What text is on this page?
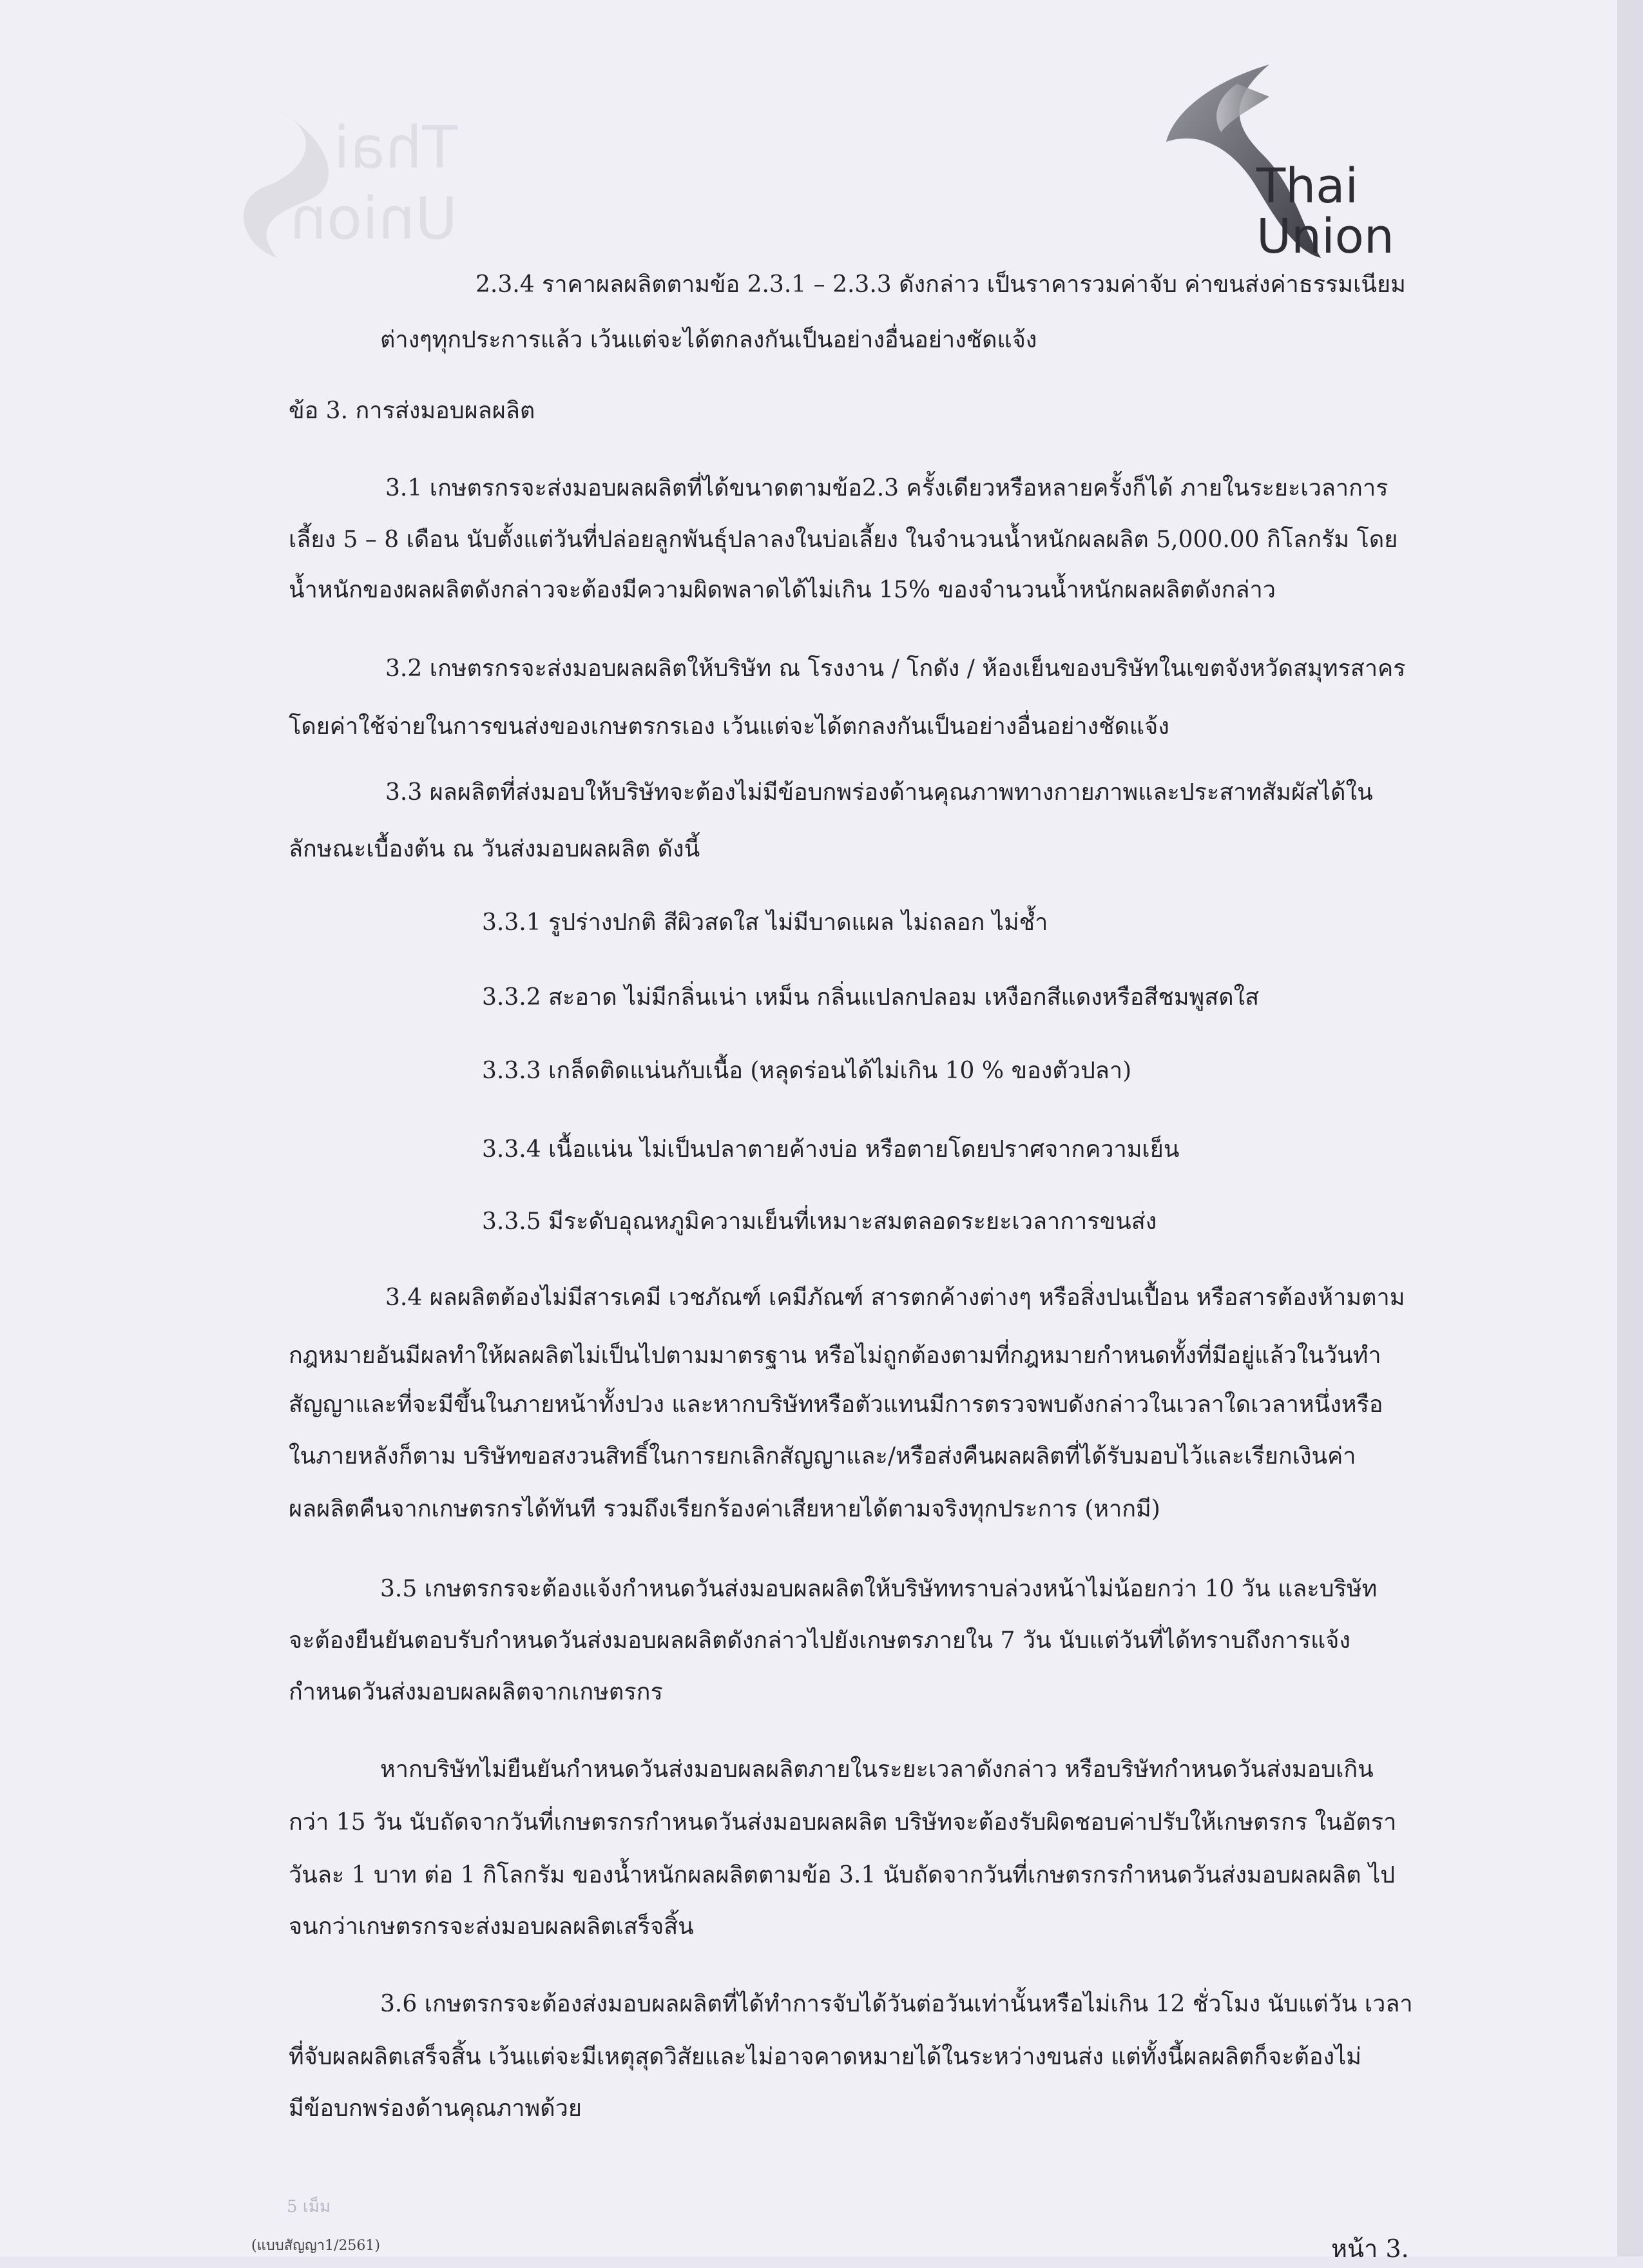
Thai
Union	Thai
Union
2.3.4 ราคาผลผลิตตามข้อ 2.3.1 – 2.3.3 ดังกล่าว เป็นราคารวมค่าจับ ค่าขนส่งค่าธรรมเนียม
ต่างๆทุกประการแล้ว เว้นแต่จะได้ตกลงกันเป็นอย่างอื่นอย่างชัดแจ้ง
ข้อ 3. การส่งมอบผลผลิต
3.1 เกษตรกรจะส่งมอบผลผลิตที่ได้ขนาดตามข้อ2.3 ครั้งเดียวหรือหลายครั้งก็ได้ ภายในระยะเวลาการ
เลี้ยง 5 – 8 เดือน นับตั้งแต่วันที่ปล่อยลูกพันธุ์ปลาลงในบ่อเลี้ยง ในจำนวนน้ำหนักผลผลิต 5,000.00 กิโลกรัม โดย
น้ำหนักของผลผลิตดังกล่าวจะต้องมีความผิดพลาดได้ไม่เกิน 15% ของจำนวนน้ำหนักผลผลิตดังกล่าว
3.2 เกษตรกรจะส่งมอบผลผลิตให้บริษัท ณ โรงงาน / โกดัง / ห้องเย็นของบริษัทในเขตจังหวัดสมุทรสาคร
โดยค่าใช้จ่ายในการขนส่งของเกษตรกรเอง เว้นแต่จะได้ตกลงกันเป็นอย่างอื่นอย่างชัดแจ้ง
3.3 ผลผลิตที่ส่งมอบให้บริษัทจะต้องไม่มีข้อบกพร่องด้านคุณภาพทางกายภาพและประสาทสัมผัสได้ใน
ลักษณะเบื้องต้น ณ วันส่งมอบผลผลิต ดังนี้
3.3.1 รูปร่างปกติ สีผิวสดใส ไม่มีบาดแผล ไม่ถลอก ไม่ช้ำ
3.3.2 สะอาด ไม่มีกลิ่นเน่า เหม็น กลิ่นแปลกปลอม เหงือกสีแดงหรือสีชมพูสดใส
3.3.3 เกล็ดติดแน่นกับเนื้อ (หลุดร่อนได้ไม่เกิน 10 % ของตัวปลา)
3.3.4 เนื้อแน่น ไม่เป็นปลาตายค้างบ่อ หรือตายโดยปราศจากความเย็น
3.3.5 มีระดับอุณหภูมิความเย็นที่เหมาะสมตลอดระยะเวลาการขนส่ง
3.4 ผลผลิตต้องไม่มีสารเคมี เวชภัณฑ์ เคมีภัณฑ์ สารตกค้างต่างๆ หรือสิ่งปนเปื้อน หรือสารต้องห้ามตาม
กฎหมายอันมีผลทำให้ผลผลิตไม่เป็นไปตามมาตรฐาน หรือไม่ถูกต้องตามที่กฎหมายกำหนดทั้งที่มีอยู่แล้วในวันทำ
สัญญาและที่จะมีขึ้นในภายหน้าทั้งปวง และหากบริษัทหรือตัวแทนมีการตรวจพบดังกล่าวในเวลาใดเวลาหนึ่งหรือ
ในภายหลังก็ตาม บริษัทขอสงวนสิทธิ์ในการยกเลิกสัญญาและ/หรือส่งคืนผลผลิตที่ได้รับมอบไว้และเรียกเงินค่า
ผลผลิตคืนจากเกษตรกรได้ทันที รวมถึงเรียกร้องค่าเสียหายได้ตามจริงทุกประการ (หากมี)
3.5 เกษตรกรจะต้องแจ้งกำหนดวันส่งมอบผลผลิตให้บริษัททราบล่วงหน้าไม่น้อยกว่า 10 วัน และบริษัท
จะต้องยืนยันตอบรับกำหนดวันส่งมอบผลผลิตดังกล่าวไปยังเกษตรภายใน 7 วัน นับแต่วันที่ได้ทราบถึงการแจ้ง
กำหนดวันส่งมอบผลผลิตจากเกษตรกร
หากบริษัทไม่ยืนยันกำหนดวันส่งมอบผลผลิตภายในระยะเวลาดังกล่าว หรือบริษัทกำหนดวันส่งมอบเกิน
กว่า 15 วัน นับถัดจากวันที่เกษตรกรกำหนดวันส่งมอบผลผลิต บริษัทจะต้องรับผิดชอบค่าปรับให้เกษตรกร ในอัตรา
วันละ 1 บาท ต่อ 1 กิโลกรัม ของน้ำหนักผลผลิตตามข้อ 3.1 นับถัดจากวันที่เกษตรกรกำหนดวันส่งมอบผลผลิต ไป
จนกว่าเกษตรกรจะส่งมอบผลผลิตเสร็จสิ้น
3.6 เกษตรกรจะต้องส่งมอบผลผลิตที่ได้ทำการจับได้วันต่อวันเท่านั้นหรือไม่เกิน 12 ชั่วโมง นับแต่วัน เวลา
ที่จับผลผลิตเสร็จสิ้น เว้นแต่จะมีเหตุสุดวิสัยและไม่อาจคาดหมายได้ในระหว่างขนส่ง แต่ทั้งนี้ผลผลิตก็จะต้องไม่
มีข้อบกพร่องด้านคุณภาพด้วย
5 เม็ม
(แบบสัญญา1/2561)	หน้า 3.
